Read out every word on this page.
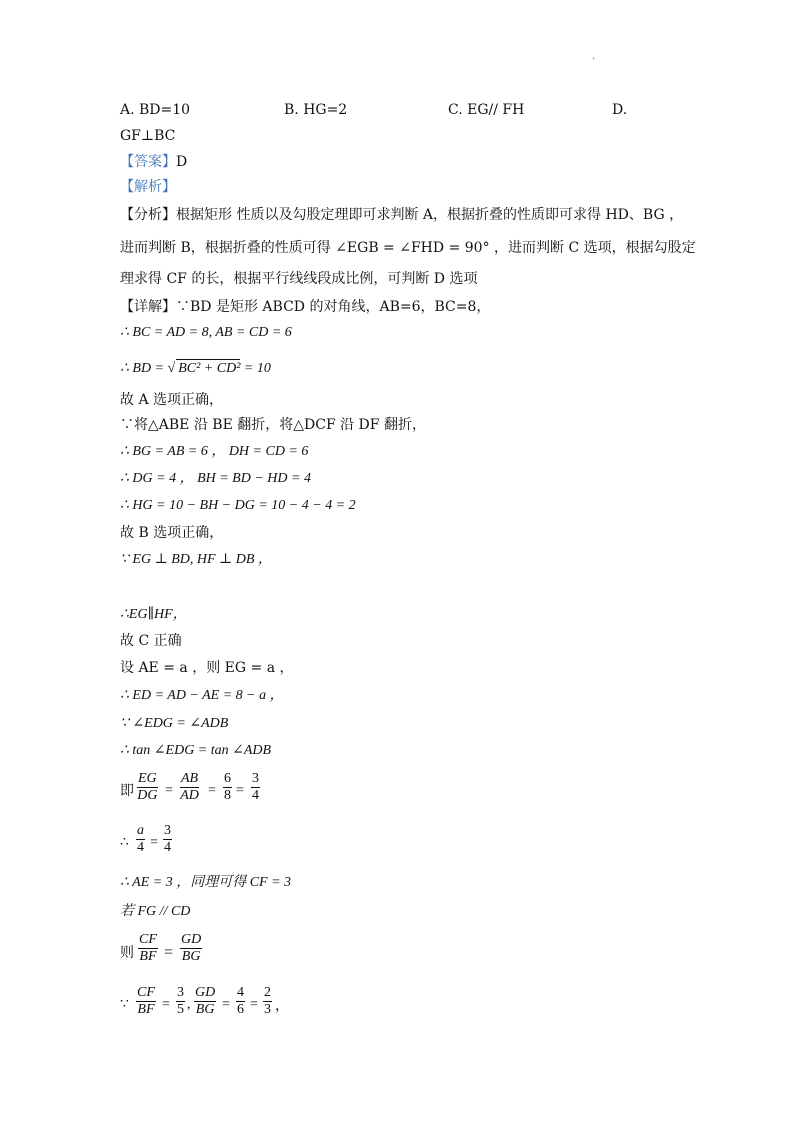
·
A. BD=10	B. HG=2	C. EG// FH	D.
GF⊥BC
【答案】D
【解析】
【分析】根据矩形 性质以及勾股定理即可求判断 A，根据折叠的性质即可求得 HD、BG ，
进而判断 B，根据折叠的性质可得 ∠EGB = ∠FHD = 90° ，进而判断 C 选项，根据勾股定
理求得 CF 的长，根据平行线线段成比例，可判断 D 选项
【详解】∵BD 是矩形 ABCD 的对角线，AB=6，BC=8，
∴ BC = AD = 8, AB = CD = 6
∴ BD = √ BC² + CD² = 10
故 A 选项正确，
∵将△ABE 沿 BE 翻折，将△DCF 沿 DF 翻折，
∴ BG = AB = 6 ， DH = CD = 6
∴ DG = 4 ， BH = BD − HD = 4
∴ HG = 10 − BH − DG = 10 − 4 − 4 = 2
故 B 选项正确，
∵ EG ⊥ BD, HF ⊥ DB ，
∴EG∥HF，
故 C 正确
设 AE = a ，则 EG = a ，
∴ ED = AD − AE = 8 − a ，
∵ ∠EDG = ∠ADB
∴ tan ∠EDG = tan ∠ADB
即 $\frac{EG}{DG} = \frac{AB}{AD} = \frac{6}{8} = \frac{3}{4}$
∴ $\frac{a}{4} = \frac{3}{4}$
∴ AE = 3 ，同理可得 CF = 3
若 FG // CD
则 $\frac{CF}{BF} = \frac{GD}{BG}$
∵ $\frac{CF}{BF} = \frac{3}{5}$ , $\frac{GD}{BG} = \frac{4}{6} = \frac{2}{3}$ ，
